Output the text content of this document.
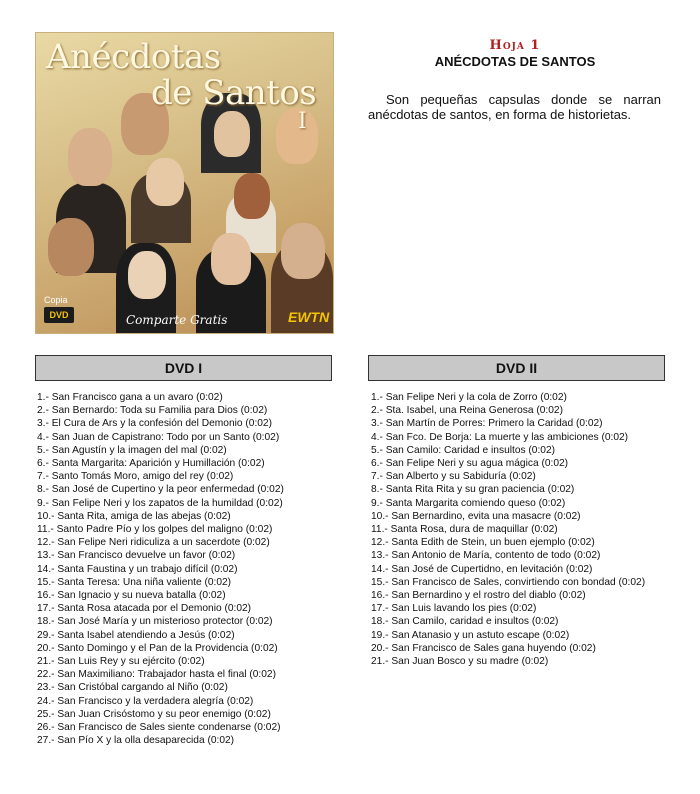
Anécdotas
de Santos
I
Copia
DVD	Comparte Gratis	EWTN
Hoja 1
ANÉCDOTAS DE SANTOS
Son pequeñas capsulas donde se narran anécdotas de santos, en forma de historietas.
DVD I
1.- San Francisco gana a un avaro (0:02)
2.- San Bernardo: Toda su Familia para Dios (0:02)
3.- El Cura de Ars y la confesión del Demonio (0:02)
4.- San Juan de Capistrano: Todo por un Santo (0:02)
5.- San Agustín y la imagen del mal (0:02)
6.- Santa Margarita: Aparición y Humillación (0:02)
7.- Santo Tomás Moro, amigo del rey (0:02)
8.- San José de Cupertino y la peor enfermedad (0:02)
9.- San Felipe Neri y los zapatos de la humildad (0:02)
10.- Santa Rita, amiga de las abejas (0:02)
11.- Santo Padre Pío y los golpes del maligno (0:02)
12.- San Felipe Neri ridiculiza a un sacerdote (0:02)
13.- San Francisco devuelve un favor (0:02)
14.- Santa Faustina y un trabajo difícil (0:02)
15.- Santa Teresa: Una niña valiente (0:02)
16.- San Ignacio y su nueva batalla (0:02)
17.- Santa Rosa atacada por el Demonio (0:02)
18.- San José María y un misterioso protector (0:02)
29.- Santa Isabel atendiendo a Jesús (0:02)
20.- Santo Domingo y el Pan de la Providencia (0:02)
21.- San Luis Rey y su ejército (0:02)
22.- San Maximiliano: Trabajador hasta el final (0:02)
23.- San Cristóbal cargando al Niño (0:02)
24.- San Francisco y la verdadera alegría (0:02)
25.- San Juan Crisóstomo y su peor enemigo (0:02)
26.- San Francisco de Sales siente condenarse (0:02)
27.- San Pío X y la olla desaparecida (0:02)
DVD II
1.- San Felipe Neri y la cola de Zorro (0:02)
2.- Sta. Isabel, una Reina Generosa (0:02)
3.- San Martín de Porres: Primero la Caridad (0:02)
4.- San Fco. De Borja: La muerte y las ambiciones (0:02)
5.- San Camilo: Caridad e insultos (0:02)
6.- San Felipe Neri y su agua mágica (0:02)
7.- San Alberto y su Sabiduría (0:02)
8.- Santa Rita Rita y su gran paciencia (0:02)
9.- Santa Margarita comiendo queso (0:02)
10.- San Bernardino, evita una masacre (0:02)
11.- Santa Rosa, dura de maquillar (0:02)
12.- Santa Edith de Stein, un buen ejemplo (0:02)
13.- San Antonio de María, contento de todo (0:02)
14.- San José de Cupertidno, en levitación (0:02)
15.- San Francisco de Sales, convirtiendo con bondad (0:02)
16.- San Bernardino y el rostro del diablo (0:02)
17.- San Luis lavando los pies (0:02)
18.- San Camilo, caridad e insultos (0:02)
19.- San Atanasio y un astuto escape (0:02)
20.- San Francisco de Sales gana huyendo (0:02)
21.- San Juan Bosco y su madre (0:02)
